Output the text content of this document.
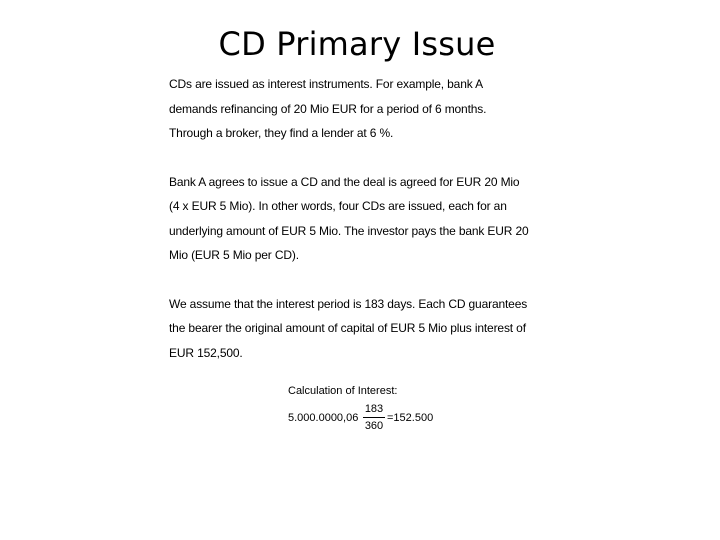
CD Primary Issue

CDs are issued as interest instruments. For example, bank A
demands refinancing of 20 Mio EUR for a period of 6 months.
Through a broker, they find a lender at 6 %.

Bank A agrees to issue a CD and the deal is agreed for EUR 20 Mio
(4 x EUR 5 Mio). In other words, four CDs are issued, each for an
underlying amount of EUR 5 Mio. The investor pays the bank EUR 20
Mio (EUR 5 Mio per CD).

We assume that the interest period is 183 days. Each CD guarantees
the bearer the original amount of capital of EUR 5 Mio plus interest of
EUR 152,500.

Calculation of Interest:
5.000.0000,06
183
360
=152.500
